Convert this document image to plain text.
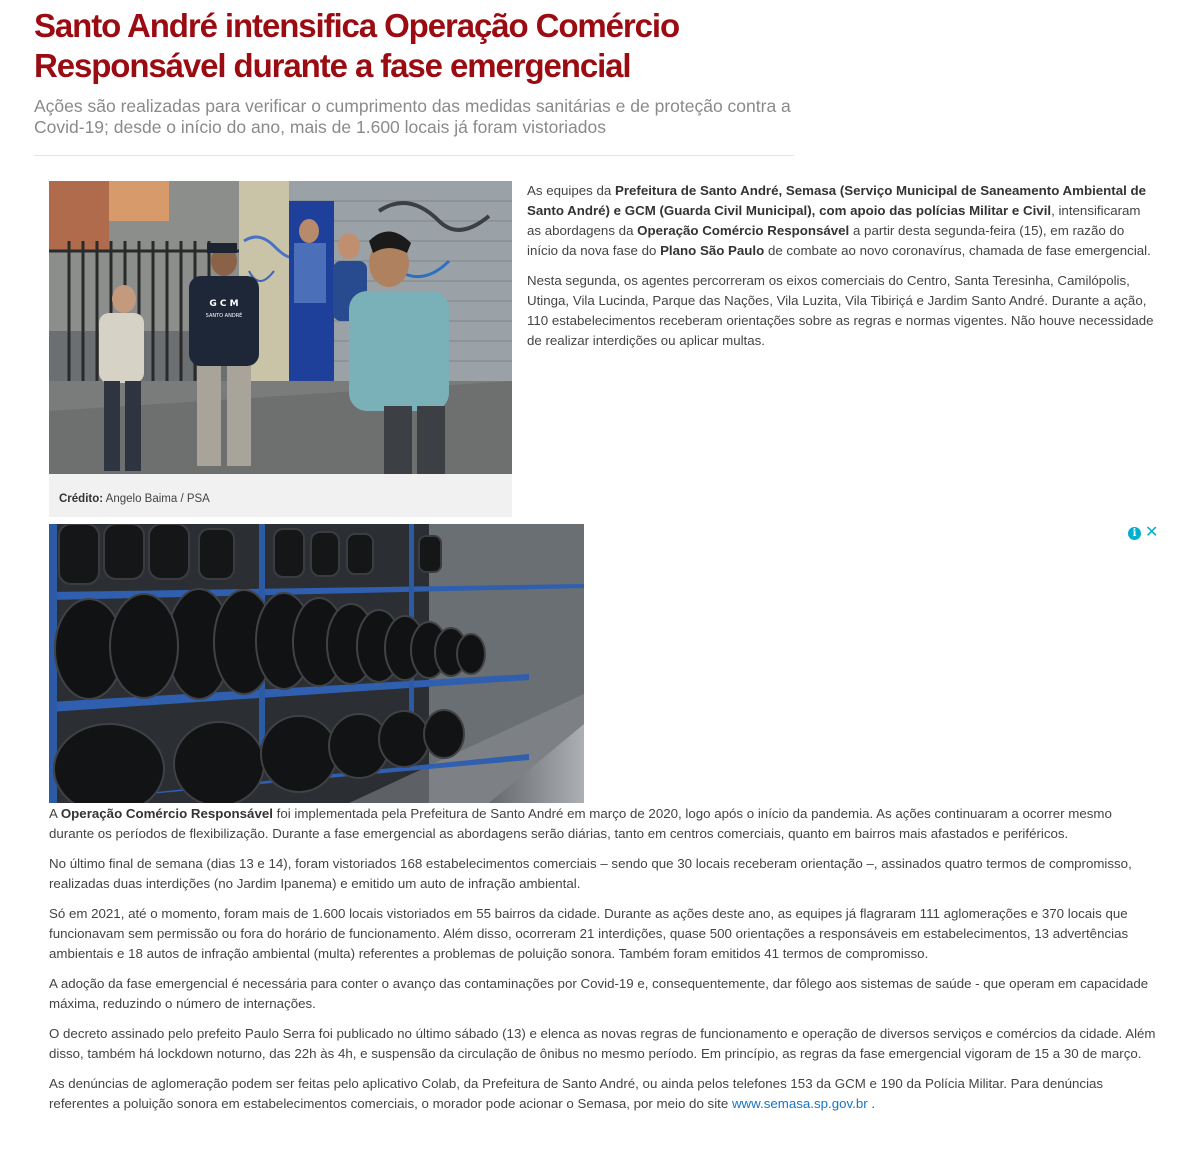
Santo André intensifica Operação Comércio Responsável durante a fase emergencial

Ações são realizadas para verificar o cumprimento das medidas sanitárias e de proteção contra a Covid-19; desde o início do ano, mais de 1.600 locais já foram vistoriados

G C M
SANTO ANDRÉ
Crédito: Angelo Baima / PSA

As equipes da Prefeitura de Santo André, Semasa (Serviço Municipal de Saneamento Ambiental de Santo André) e GCM (Guarda Civil Municipal), com apoio das polícias Militar e Civil, intensificaram as abordagens da Operação Comércio Responsável a partir desta segunda-feira (15), em razão do início da nova fase do Plano São Paulo de combate ao novo coronavírus, chamada de fase emergencial.

Nesta segunda, os agentes percorreram os eixos comerciais do Centro, Santa Teresinha, Camilópolis, Utinga, Vila Lucinda, Parque das Nações, Vila Luzita, Vila Tibiriçá e Jardim Santo André. Durante a ação, 110 estabelecimentos receberam orientações sobre as regras e normas vigentes. Não houve necessidade de realizar interdições ou aplicar multas.

i ✕

A Operação Comércio Responsável foi implementada pela Prefeitura de Santo André em março de 2020, logo após o início da pandemia. As ações continuaram a ocorrer mesmo durante os períodos de flexibilização. Durante a fase emergencial as abordagens serão diárias, tanto em centros comerciais, quanto em bairros mais afastados e periféricos.

No último final de semana (dias 13 e 14), foram vistoriados 168 estabelecimentos comerciais – sendo que 30 locais receberam orientação –, assinados quatro termos de compromisso, realizadas duas interdições (no Jardim Ipanema) e emitido um auto de infração ambiental.

Só em 2021, até o momento, foram mais de 1.600 locais vistoriados em 55 bairros da cidade. Durante as ações deste ano, as equipes já flagraram 111 aglomerações e 370 locais que funcionavam sem permissão ou fora do horário de funcionamento. Além disso, ocorreram 21 interdições, quase 500 orientações a responsáveis em estabelecimentos, 13 advertências ambientais e 18 autos de infração ambiental (multa) referentes a problemas de poluição sonora. Também foram emitidos 41 termos de compromisso.

A adoção da fase emergencial é necessária para conter o avanço das contaminações por Covid-19 e, consequentemente, dar fôlego aos sistemas de saúde - que operam em capacidade máxima, reduzindo o número de internações.

O decreto assinado pelo prefeito Paulo Serra foi publicado no último sábado (13) e elenca as novas regras de funcionamento e operação de diversos serviços e comércios da cidade. Além disso, também há lockdown noturno, das 22h às 4h, e suspensão da circulação de ônibus no mesmo período. Em princípio, as regras da fase emergencial vigoram de 15 a 30 de março.

As denúncias de aglomeração podem ser feitas pelo aplicativo Colab, da Prefeitura de Santo André, ou ainda pelos telefones 153 da GCM e 190 da Polícia Militar. Para denúncias referentes a poluição sonora em estabelecimentos comerciais, o morador pode acionar o Semasa, por meio do site www.semasa.sp.gov.br .
